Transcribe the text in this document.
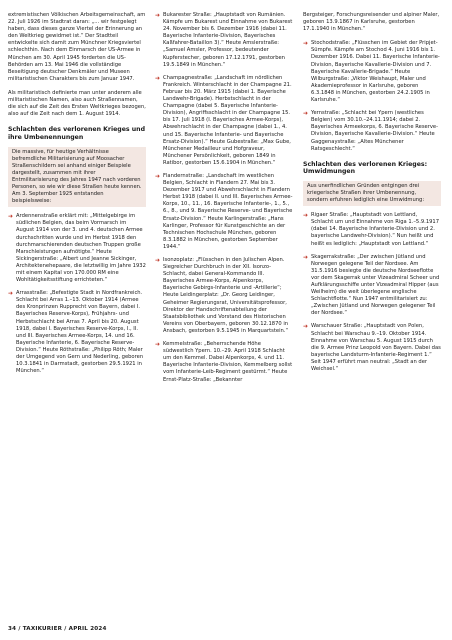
extremistischen Völkischen Arbeitsgemeinschaft, am 22. Juli 1926 im Stadtrat daran: „... wir festgelegt haben, dass dieses ganze Viertel der Erinnerung an den Weltkrieg gewidmet ist.“ Der Stadtteil entwickelte sich damit zum Münchner Kriegsviertel schlechthin. Nach dem Einmarsch der US-Armee in München am 30. April 1945 forderten die US-Behörden am 13. Mai 1946 die vollständige Beseitigung deutscher Denkmäler und Museen militaristischen Charakters bis zum Januar 1947.

Als militaristisch definierte man unter anderem alle militaristischen Namen, also auch Straßennamen, die sich auf die Zeit des Ersten Weltkrieges bezogen, also auf die Zeit nach dem 1. August 1914.

Schlachten des verlorenen Krieges und ihre Umbenennungen

Die massive, für heutige Verhältnisse befremdliche Militarisierung auf Moosacher Straßenschildern sei anhand einiger Beispiele dargestellt, zusammen mit ihrer Entmilitarisierung des Jahres 1947 nach vorderen Personen, so wie wir diese Straßen heute kennen. Am 3. September 1925 entstanden beispielsweise:

➜ Ardennenstraße erklärt mit: „Mittelgebirge im südlichen Belgien, das beim Vormarsch im August 1914 von der 3. und 4. deutschen Armee durchschritten wurde und im Herbst 1918 den durchmarschierenden deutschen Truppen große Marschleistungen aufnötigte.“ Heute Sickingerstraße: „Albert und Jeanne Sickinger, Architektenehepaare, die letztwillig im Jahre 1932 mit einem Kapital von 170.000 RM eine Wohltätigkeitsstiftung errichteten.“
➜ Arrasstraße: „Befestigte Stadt in Nordfrankreich. Schlacht bei Arras 1.–13. Oktober 1914 (Armee des Kronprinzen Rupprecht von Bayern, dabei I. Bayerisches Reserve-Korps), Frühjahrs- und Herbstschlacht bei Arras 7. April bis 20. August 1918, dabei I. Bayerisches Reserve-Korps, I., II. und III. Bayerisches Armee-Korps, 14. und 16. Bayerische Infanterie, 6. Bayerische Reserve-Division.“ Heute Röthstraße: „Philipp Röth; Maler der Umgegend von Gern und Nederling, geboren 10.3.1841 in Darmstadt, gestorben 29.5.1921 in München.“
➜ Bukarester Straße: „Hauptstadt von Rumänien. Kämpfe um Bukarest und Einnahme von Bukarest 24. November bis 6. Dezember 1916 (dabei 11. Bayerische Infanterie-Division, Bayerisches Kaßfahrer-Bataillon 3).“ Heute Amslerstraße: „Samuel Amsler, Professor, bedeutender Kupferstecher, geboren 17.12.1791, gestorben 19.5.1849 in München.“
➜ Champagnestraße: „Landschaft im nördlichen Frankreich. Winterschlacht in der Champagne 21. Februar bis 20. März 1915 (dabei 1. Bayerische Landwehr-Brigade). Herbstschlacht in der Champagne (dabei 5. Bayerische Infanterie-Division), Angriffsschlacht in der Champagne 15. bis 17. Juli 1918 (I. Bayerisches Armee-Korps), Abwehrschlacht in der Champagne (dabei 1., 4. und 15. Bayerische Infanterie- und Bayerische Ersatz-Division).“ Heute Gubestraße: „Max Gube, Münchener Medailleur und Hofgraveur, Münchener Persönlichkeit, geboren 1849 in Ratibor, gestorben 15.6.1904 in München.“
➜ Flandernstraße: „Landschaft im westlichen Belgien, Schlacht in Flandern 27. Mai bis 3. Dezember 1917 und Abwehrschlacht in Flandern Herbst 1918 (dabei II. und III. Bayerisches Armee-Korps, 10., 11., 16. Bayerische Infanterie-, 1., 5., 6., 8., und 9. Bayerische Reserve- und Bayerische Ersatz-Division.“ Heute Karlingerstraße: „Hans Karlinger, Professor für Kunstgeschichte an der Technischen Hochschule München, geboren 8.3.1882 in München, gestorben September 1944.“
➜ Isonzoplatz: „Flüsschen in den Julischen Alpen. Siegreicher Durchbruch in der XII. Isonzo-Schlacht, dabei General-Kommando III. Bayerisches Armee-Korps, Alpenkorps, Bayerische Gebirgs-Infanterie und -Artillerie“; Heute Leidingerplatz: „Dr. Georg Leidinger, Geheimer Regierungsrat, Universitätsprofessor, Direktor der Handschriftenabteilung der Staatsbibliothek und Vorstand des Historischen Vereins von Oberbayern, geboren 30.12.1870 in Ansbach, gestorben 9.5.1945 in Marquartstein.“
➜ Kemmelstraße: „Beherrschende Höhe südwestlich Ypern. 10.–29. April 1918 Schlacht um den Kemmel. Dabei Alpenkorps, 4. und 11. Bayerische Infanterie-Division, Kemmelberg sollst vom Infanterie-Leib-Regiment gestürmt.“ Heute Ernst-Platz-Straße: „Bekannter

Bergsteiger, Forschungsreisender und alpiner Maler, geboren 13.9.1867 in Karlsruhe, gestorben 17.1.1940 in München.“

➜ Stochodstraße: „Flüsschen im Gebiet der Pripjet-Sümpfe. Kämpfe am Stochod 4. Juni 1916 bis 1. Dezember 1916. Dabei 11. Bayerische Infanterie-Division, Bayerische Kavallerie-Division und 7. Bayerische Kavallerie-Brigade.“ Heute Wilburgstraße: „Viktor Weishaupt, Maler und Akademieprofessor in Karlsruhe, geboren 6.3.1848 in München, gestorben 24.2.1905 in Karlsruhe.“
➜ Yernstraße: „Schlacht bei Ypern (westliches Belgien) vom 30.10.–24.11.1914; dabei 2. Bayerisches Armeekorps, 6. Bayerische Reserve-Division, Bayerische Kavallerie-Division.“ Heute Gaggenaystraße: „Altes Münchener Ratsgeschlecht.“
Schlachten des verlorenen Krieges: Umwidmungen

Aus unerfindlichen Gründen entgingen drei kriegerische Straßen ihrer Umbenennung, sondern erfuhren lediglich eine Umwidmung:

➜ Rigaer Straße: „Hauptstadt von Lettland, Schlacht um und Einnahme von Riga 1.–5.9.1917 (dabei 14. Bayerische Infanterie-Division und 2. bayerische Landwehr-Division).“ Nun heißt und heißt es lediglich: „Hauptstadt von Lettland.“
➜ Skagerrakstraße: „Der zwischen Jütland und Norwegen gelegene Teil der Nordsee. Am 31.5.1916 besiegte die deutsche Nordseeflotte vor dem Skagerrak unter Vizeadmiral Scheer und Aufklärungsschiffe unter Vizeadmiral Hipper (aus Weilheim) die weit überlegene englische Schlachtflotte.“ Nun 1947 entmilitarisiert zu: „Zwischen Jütland und Norwegen gelegener Teil der Nordsee.“
➜ Warschauer Straße: „Hauptstadt von Polen, Schlacht bei Warschau 9.–19. Oktober 1914. Einnahme von Warschau 5. August 1915 durch die 9. Armee Prinz Leopold von Bayern. Dabei das bayerische Landsturm-Infanterie-Regiment 1.“ Seit 1947 erführt man neutral: „Stadt an der Weichsel.“
34 / TAXIKURIER / APRIL 2024
